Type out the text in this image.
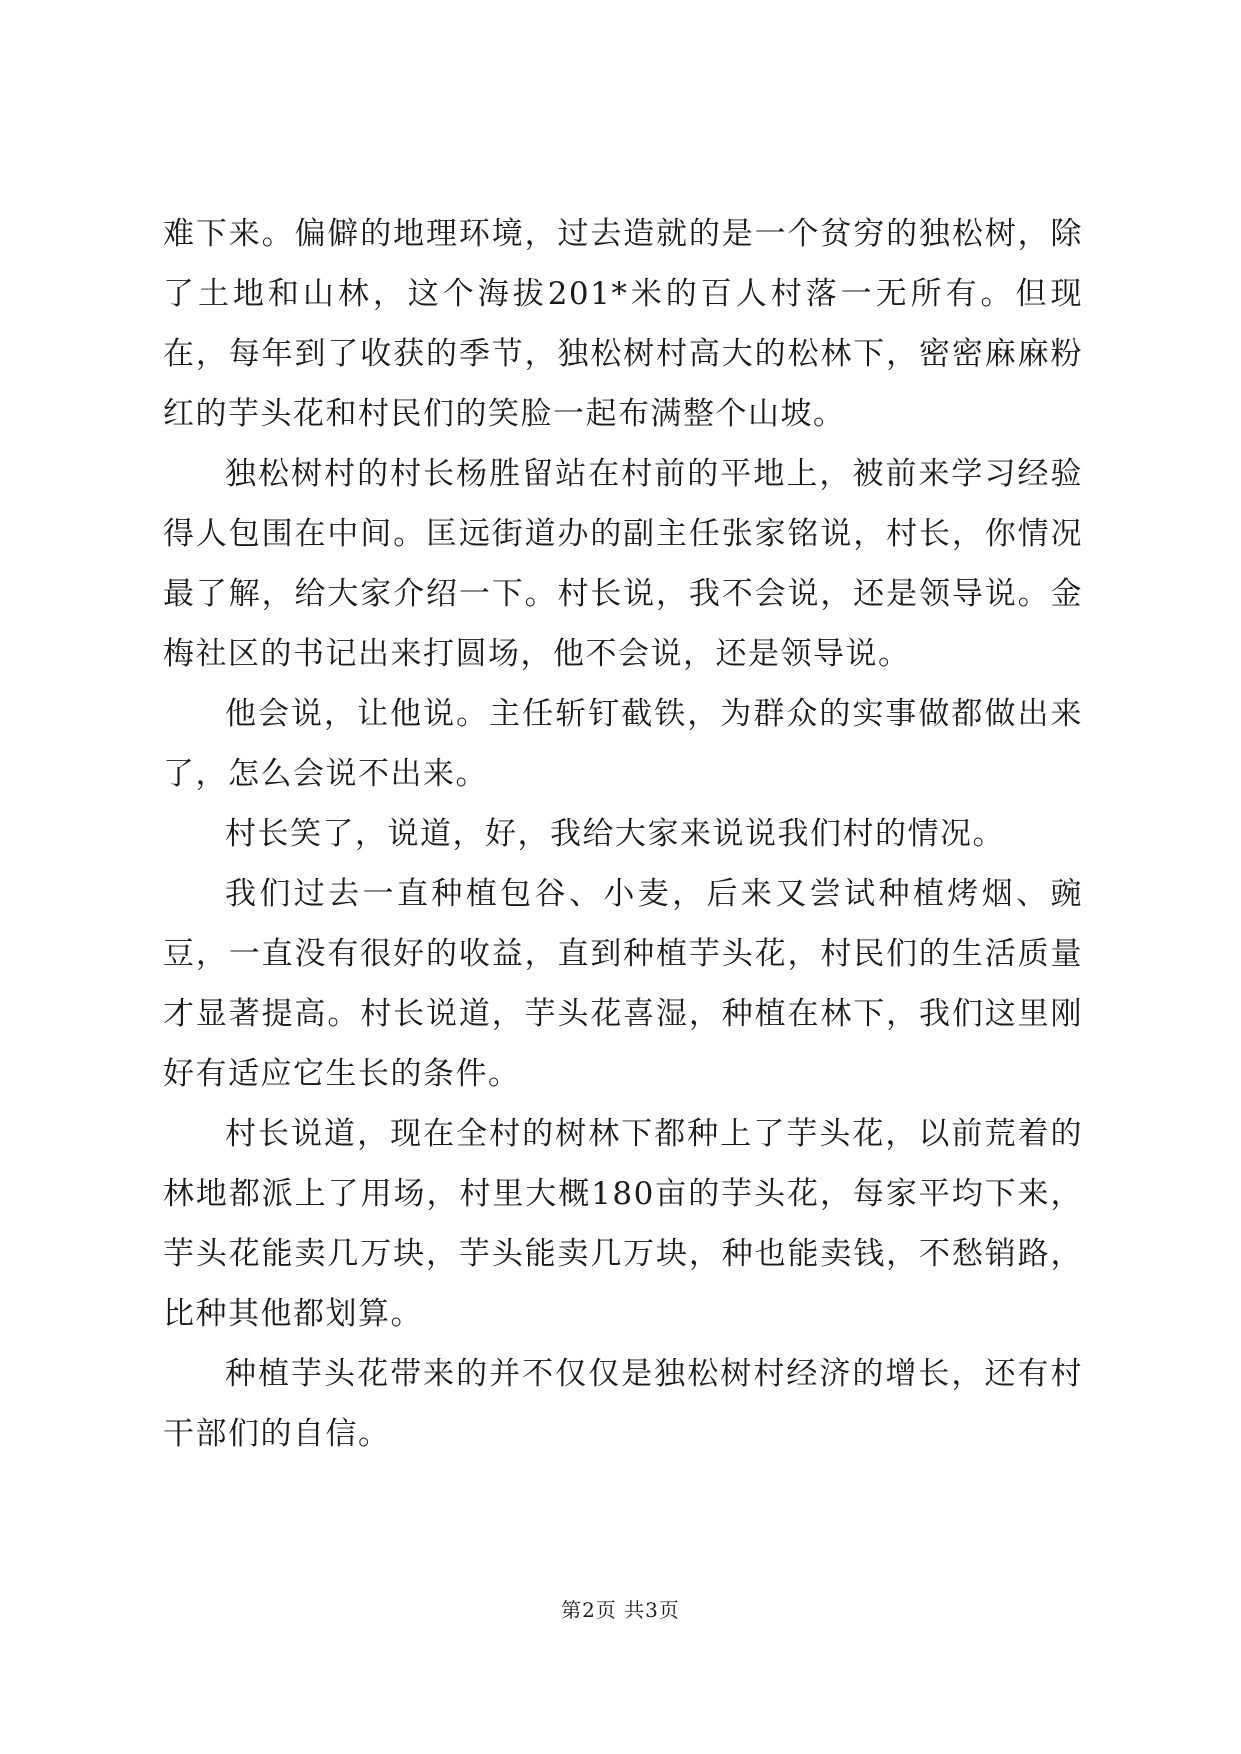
难下来。偏僻的地理环境，过去造就的是一个贫穷的独松树，除了土地和山林，这个海拔201*米的百人村落一无所有。但现在，每年到了收获的季节，独松树村高大的松林下，密密麻麻粉红的芋头花和村民们的笑脸一起布满整个山坡。

独松树村的村长杨胜留站在村前的平地上，被前来学习经验得人包围在中间。匡远街道办的副主任张家铭说，村长，你情况最了解，给大家介绍一下。村长说，我不会说，还是领导说。金梅社区的书记出来打圆场，他不会说，还是领导说。

他会说，让他说。主任斩钉截铁，为群众的实事做都做出来了，怎么会说不出来。

村长笑了，说道，好，我给大家来说说我们村的情况。

我们过去一直种植包谷、小麦，后来又尝试种植烤烟、豌豆，一直没有很好的收益，直到种植芋头花，村民们的生活质量才显著提高。村长说道，芋头花喜湿，种植在林下，我们这里刚好有适应它生长的条件。

村长说道，现在全村的树林下都种上了芋头花，以前荒着的林地都派上了用场，村里大概180亩的芋头花，每家平均下来，芋头花能卖几万块，芋头能卖几万块，种也能卖钱，不愁销路，比种其他都划算。

种植芋头花带来的并不仅仅是独松树村经济的增长，还有村干部们的自信。

第2页 共3页
